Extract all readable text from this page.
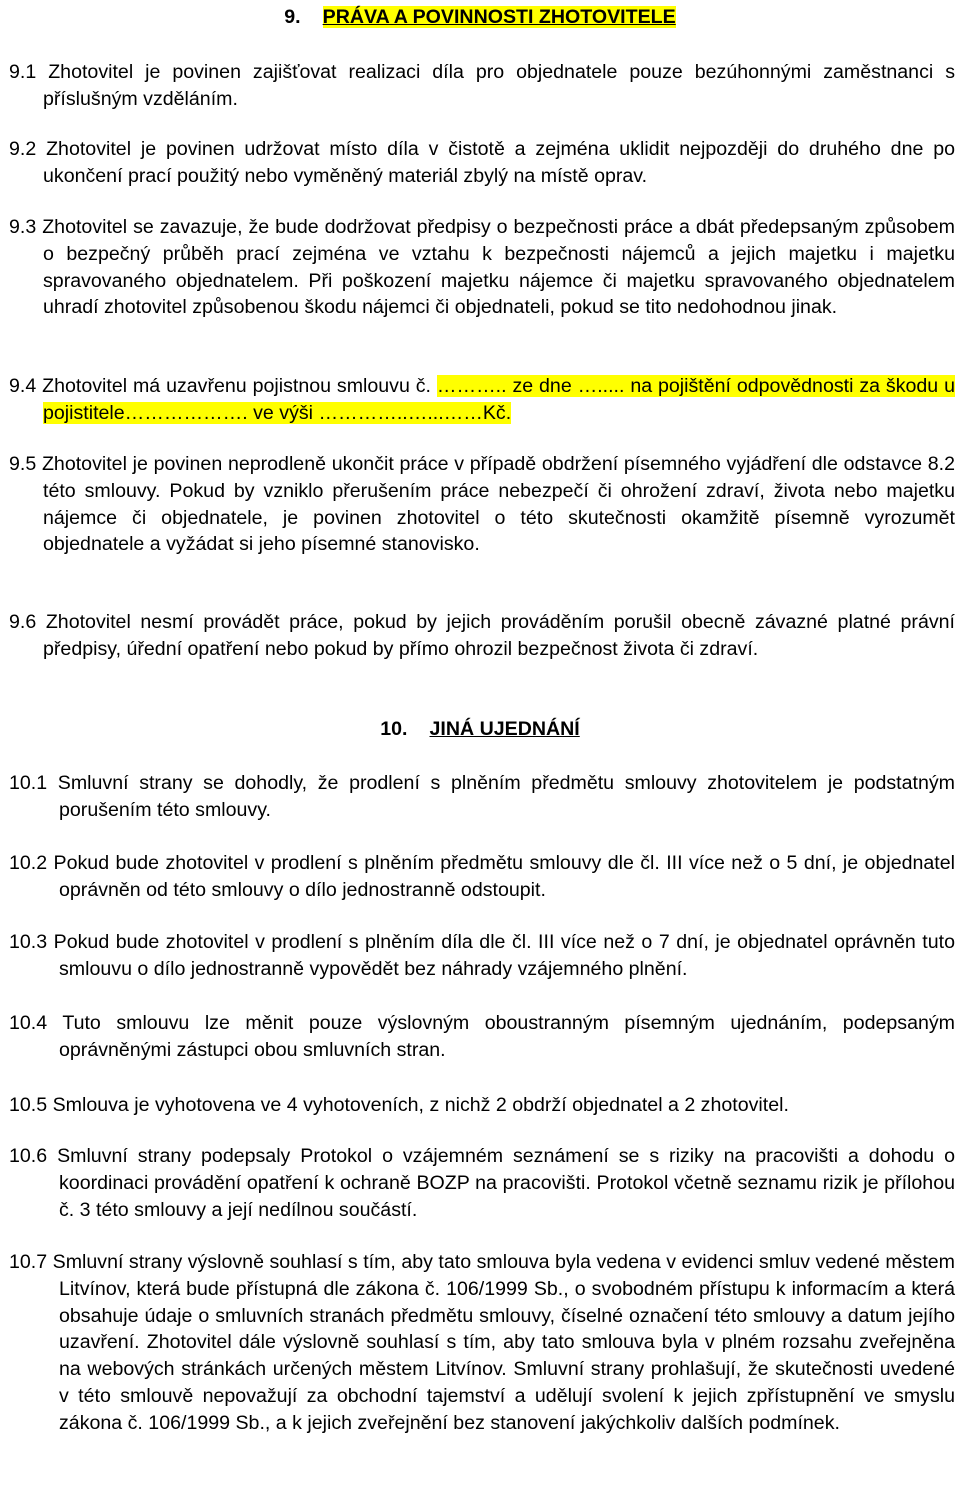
9. PRÁVA A POVINNOSTI ZHOTOVITELE
9.1 Zhotovitel je povinen zajišťovat realizaci díla pro objednatele pouze bezúhonnými zaměstnanci s příslušným vzděláním.
9.2 Zhotovitel je povinen udržovat místo díla v čistotě a zejména uklidit nejpozději do druhého dne po ukončení prací použitý nebo vyměněný materiál zbylý na místě oprav.
9.3 Zhotovitel se zavazuje, že bude dodržovat předpisy o bezpečnosti práce a dbát předepsaným způsobem o bezpečný průběh prací zejména ve vztahu k bezpečnosti nájemců a jejich majetku i majetku spravovaného objednatelem. Při poškození majetku nájemce či majetku spravovaného objednatelem uhradí zhotovitel způsobenou škodu nájemci či objednateli, pokud se tito nedohodnou jinak.
9.4 Zhotovitel má uzavřenu pojistnou smlouvu č. ……….. ze dne …..... na pojištění odpovědnosti za škodu u pojistitele………………. ve výši …………..…...……Kč.
9.5 Zhotovitel je povinen neprodleně ukončit práce v případě obdržení písemného vyjádření dle odstavce 8.2 této smlouvy. Pokud by vzniklo přerušením práce nebezpečí či ohrožení zdraví, života nebo majetku nájemce či objednatele, je povinen zhotovitel o této skutečnosti okamžitě písemně vyrozumět objednatele a vyžádat si jeho písemné stanovisko.
9.6 Zhotovitel nesmí provádět práce, pokud by jejich prováděním porušil obecně závazné platné právní předpisy, úřední opatření nebo pokud by přímo ohrozil bezpečnost života či zdraví.
10. JINÁ UJEDNÁNÍ
10.1 Smluvní strany se dohodly, že prodlení s plněním předmětu smlouvy zhotovitelem je podstatným porušením této smlouvy.
10.2 Pokud bude zhotovitel v prodlení s plněním předmětu smlouvy dle čl. III více než o 5 dní, je objednatel oprávněn od této smlouvy o dílo jednostranně odstoupit.
10.3 Pokud bude zhotovitel v prodlení s plněním díla dle čl. III více než o 7 dní, je objednatel oprávněn tuto smlouvu o dílo jednostranně vypovědět bez náhrady vzájemného plnění.
10.4 Tuto smlouvu lze měnit pouze výslovným oboustranným písemným ujednáním, podepsaným oprávněnými zástupci obou smluvních stran.
10.5 Smlouva je vyhotovena ve 4 vyhotoveních, z nichž 2 obdrží objednatel a 2 zhotovitel.
10.6 Smluvní strany podepsaly Protokol o vzájemném seznámení se s riziky na pracovišti a dohodu o koordinaci provádění opatření k ochraně BOZP na pracovišti. Protokol včetně seznamu rizik je přílohou č. 3 této smlouvy a její nedílnou součástí.
10.7 Smluvní strany výslovně souhlasí s tím, aby tato smlouva byla vedena v evidenci smluv vedené městem Litvínov, která bude přístupná dle zákona č. 106/1999 Sb., o svobodném přístupu k informacím a která obsahuje údaje o smluvních stranách předmětu smlouvy, číselné označení této smlouvy a datum jejího uzavření. Zhotovitel dále výslovně souhlasí s tím, aby tato smlouva byla v plném rozsahu zveřejněna na webových stránkách určených městem Litvínov. Smluvní strany prohlašují, že skutečnosti uvedené v této smlouvě nepovažují za obchodní tajemství a udělují svolení k jejich zpřístupnění ve smyslu zákona č. 106/1999 Sb., a k jejich zveřejnění bez stanovení jakýchkoliv dalších podmínek.
